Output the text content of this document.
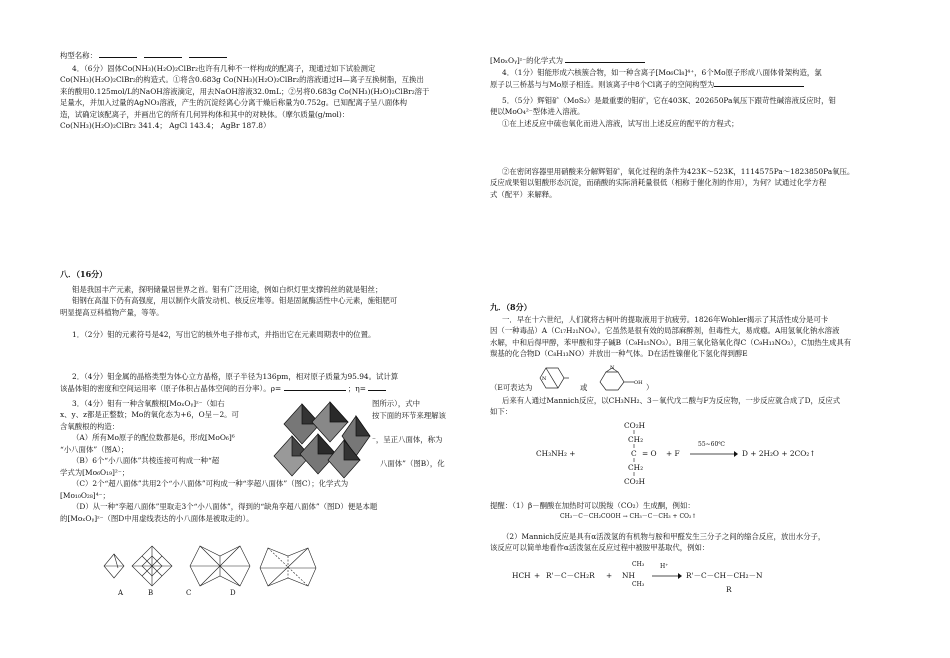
构型名称：

4．（6分）固体Co(NH₃)(H₂O)₂ClBr₂也许有几种不一样构成的配离子，现通过如下试验测定

Co(NH₃)(H₂O)₂ClBr₂的构造式。①将含0.683g Co(NH₃)(H₂O)₂ClBr₂的溶液通过H—离子互换树脂，互换出

来的酸用0.125mol/L的NaOH溶液滴定，用去NaOH溶液32.0mL；②另将0.683g Co(NH₃)(H₂O)₂ClBr₂溶于

足量水，并加入过量的AgNO₃溶液，产生的沉淀经离心分离干燥后称量为0.752g。已知配离子呈八面体构

造，试确定该配离子，并画出它的所有几何异构体和其中的对映体。（摩尔质量(g/mol)：

Co(NH₃)(H₂O)₂ClBr₂ 341.4； AgCl 143.4； AgBr 187.8）

八．（16分）

钼是我国丰产元素，探明储量居世界之首。钼有广泛用途，例如白炽灯里支撑钨丝的就是钼丝；

钼钢在高温下仍有高强度，用以制作火箭发动机、核反应堆等。钼是固氮酶活性中心元素，施钼肥可

明显提高豆科植物产量，等等。

1．（2分）钼的元素符号是42，写出它的核外电子排布式，并指出它在元素周期表中的位置。

2．（4分）钼金属的晶格类型为体心立方晶格，原子半径为136pm，相对原子质量为95.94。试计算

该晶体钼的密度和空间运用率（原子体积占晶体空间的百分率）。ρ=	；η=

3．（4分）钼有一种含氧酸根[MoₓOᵧ]ᶻ⁻（如右

x、y、z都是正整数；Mo的氧化态为+6，O呈－2。可

含氧酸根的构造：

（A）所有Mo原子的配位数都是6，形成[MoO₆]⁶

“小八面体”（图A）；

（B）6个“小八面体”共棱连接可构成一种“超

学式为[Mo₆O₁₉]²⁻；

（C）2个“超八面体”共用2个“小八面体”可构成一种“孪超八面体”（图C）；化学式为

[Mo₁₀O₂₈]⁴⁻；

（D）从一种“孪超八面体”里取走3个“小八面体”，得到的“缺角孪超八面体”（图D）便是本题

的[MoₓOᵧ]ᶻ⁻（图D中用虚线表达的小八面体是被取走的）。

图所示），式中

按下面的环节来理解该

⁻，呈正八面体，称为

八面体”（图B），化

A	B	C	D

[MoₓOᵧ]ᶻ⁻的化学式为

4．（1分）钼能形成六核簇合物，如一种含离子[Mo₆Cl₈]⁴⁺，6个Mo原子形成八面体骨架构造，氯

原子以三桥基与与Mo原子相连。则该离子中8个Cl离子的空间构型为

5．（5分）辉钼矿（MoS₂）是最重要的钼矿，它在403K、202650Pa氧压下跟苛性碱溶液反应时，钼

便以MoO₄²⁻型体进入溶液。

①在上述反应中硫也氧化而进入溶液，试写出上述反应的配平的方程式；

②在密闭容器里用硝酸来分解辉钼矿，氧化过程的条件为423K～523K，1114575Pa～1823850Pa氧压。

反应成果钼以钼酸形态沉淀，而硝酸的实际消耗量很低（相称于催化剂的作用），为何？试通过化学方程

式（配平）来解释。

九．（8分）

一．早在十六世纪，人们就将古柯叶的提取液用于抗疲劳。1826年Wohler揭示了其活性成分是可卡

因（一种毒品）A（C₁₇H₂₁NO₄）。它虽然是很有效的局部麻醉剂，但毒性大，易成瘾。A用氢氧化钠水溶液

水解，中和后得甲醇，苯甲酸和芽子碱B（C₉H₁₅NO₃）。B用三氧化铬氧化得C（C₉H₁₃NO₃），C加热生成具有

羰基的化合物D（C₈H₁₃NO）并放出一种气体。D在活性镍催化下氢化得到醇E

（E可表达为

N
或
N
OH ）

后来有人通过Mannich反应，以CH₃NH₂、3－氧代戊二酸与F为反应物，一步反应就合成了D，反应式

如下：

CO₂H
CH₂
CH₃NH₂ +	C = O + F
55~60℃
D + 2H₂O + 2CO₂↑
CH₂
CO₂H

提醒：（1）β－酮酸在加热时可以脱羧（CO₂）生成酮，例如：

CH₃－C－CH₂COOH → CH₃－C－CH₃ + CO₂↑

（2）Mannich反应是具有α活泼氢的有机物与胺和甲醛发生三分子之间的缩合反应，放出水分子，

该反应可以简单地看作α活泼氢在反应过程中被胺甲基取代，例如：

HCH + R'－C－CH₂R + NH
CH₃
CH₃
H⁺
R'－C－CH－CH₂－N
R
